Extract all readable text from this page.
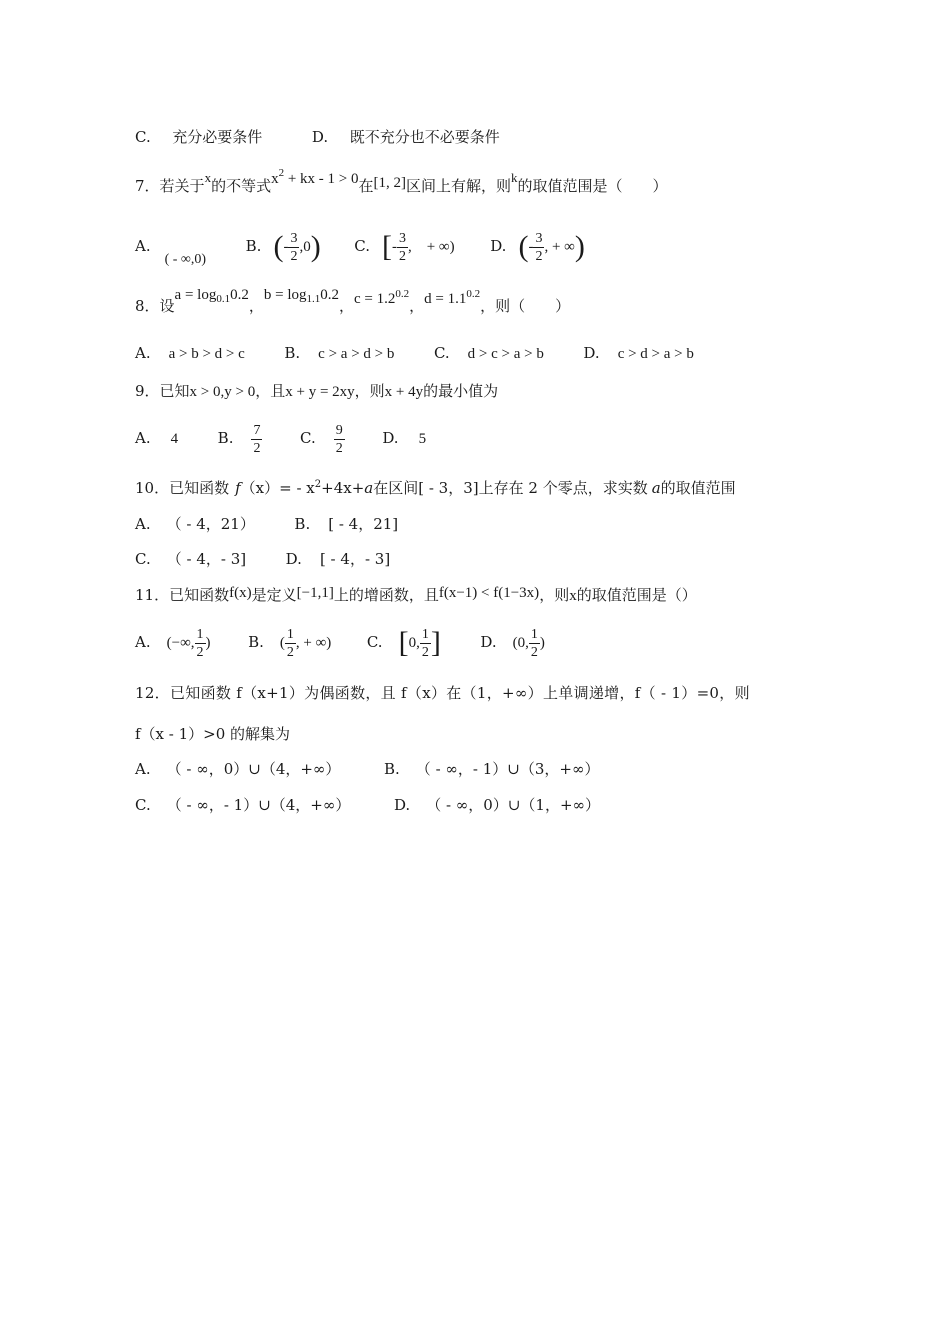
C. 充分必要条件	D. 既不充分也不必要条件
7．若关于x的不等式$x^2$ + kx - 1 > 0在[1, 2]区间上有解，则k的取值范围是（　　）
A.( - ∞,0)  B. (- $\frac{3}{2} ,0$) C. [- $\frac{3}{2}$ ,　+ ∞) D. (- $\frac{3}{2}$ , + ∞)
8．设$a = \log_{0.1}0.2$，$b = \log_{1.1}0.2$，$c = 1.2^{0.2}$，$d = 1.1^{0.2}$，则（　　）
A. a > b > d > c	B. c > a > d > b	C. d > c > a > b	D. c > d > a > b
9．已知x > 0,y > 0，且x + y = 2xy，则x + 4y的最小值为
A. 4	B. $\frac{7}{2}$	C. $\frac{9}{2}$	D. 5
10．已知函数 $f(x)= - x^2+4x+a$在区间[ - 3，3]上存在 2 个零点，求实数 a的取值范围
A. （ - 4，21）	B. [ - 4，21]
C. （ - 4，- 3]	D. [ - 4，- 3]
11．已知函数f(x)是定义[−1,1]上的增函数，且f(x−1) < f(1−3x)，则x的取值范围是（）
A. (−∞, $\frac{1}{2}$ )	B. ( $\frac{1}{2}$ , + ∞) C. [0, $\frac{1}{2}$ ]	D. (0, $\frac{1}{2}$ )
12．已知函数 f（x+1）为偶函数，且 f（x）在（1，+∞）上单调递增，f（ - 1）=0，则
f（x - 1）>0 的解集为
A. （ - ∞，0）∪（4，+∞）	B. （ - ∞，- 1）∪（3，+∞）
C. （ - ∞，- 1）∪（4，+∞）	D. （ - ∞，0）∪（1，+∞）
